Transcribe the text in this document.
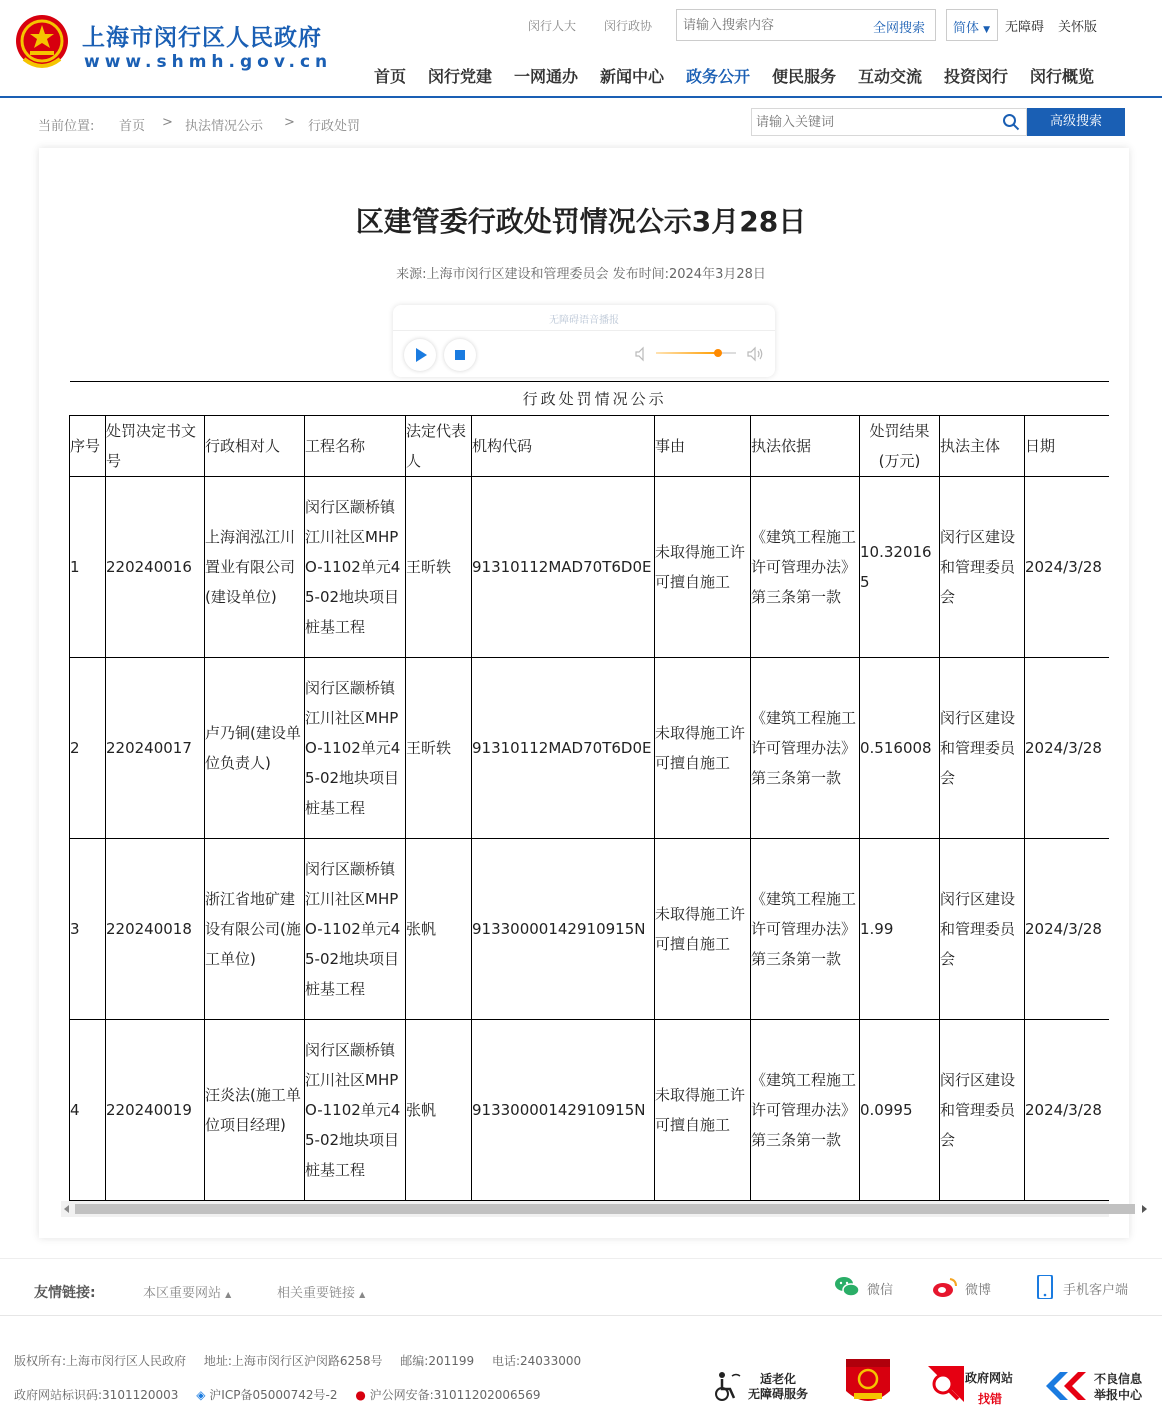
上海市闵行区人民政府
www.shmh.gov.cn
闵行人大 闵行政协
请输入搜索内容	全网搜索	简体 ▼	无障碍 关怀版
首页 闵行党建 一网通办 新闻中心 政务公开 便民服务 互动交流 投资闵行 闵行概览
当前位置: 首页 > 执法情况公示 > 行政处罚
请输入关键词	高级搜索
区建管委行政处罚情况公示3月28日
来源:上海市闵行区建设和管理委员会 发布时间:2024年3月28日
无障碍语音播报
行政处罚情况公示										
序号	处罚决定书文号	行政相对人	工程名称	法定代表人	机构代码	事由	执法依据	处罚结果(万元)	执法主体	日期
1	220240016	上海润泓江川置业有限公司(建设单位)	闵行区颛桥镇江川社区MHPO-1102单元45-02地块项目桩基工程	王昕轶	91310112MAD70T6D0E	未取得施工许可擅自施工	《建筑工程施工许可管理办法》第三条第一款	10.320165	闵行区建设和管理委员会	2024/3/28
2	220240017	卢乃铜(建设单位负责人)	闵行区颛桥镇江川社区MHPO-1102单元45-02地块项目桩基工程	王昕轶	91310112MAD70T6D0E	未取得施工许可擅自施工	《建筑工程施工许可管理办法》第三条第一款	0.516008	闵行区建设和管理委员会	2024/3/28
3	220240018	浙江省地矿建设有限公司(施工单位)	闵行区颛桥镇江川社区MHPO-1102单元45-02地块项目桩基工程	张帆	91330000142910915N	未取得施工许可擅自施工	《建筑工程施工许可管理办法》第三条第一款	1.99	闵行区建设和管理委员会	2024/3/28
4	220240019	汪炎法(施工单位项目经理)	闵行区颛桥镇江川社区MHPO-1102单元45-02地块项目桩基工程	张帆	91330000142910915N	未取得施工许可擅自施工	《建筑工程施工许可管理办法》第三条第一款	0.0995	闵行区建设和管理委员会	2024/3/28
友情链接:	本区重要网站 ▲	相关重要链接 ▲	微信	微博	手机客户端
版权所有:上海市闵行区人民政府 地址:上海市闵行区沪闵路6258号 邮编:201199 电话:24033000
政府网站标识码:3101120003 ◈ 沪ICP备05000742号-2 ● 沪公网安备:31011202006569
适老化
无障碍服务
政府网站
找错
不良信息
举报中心
